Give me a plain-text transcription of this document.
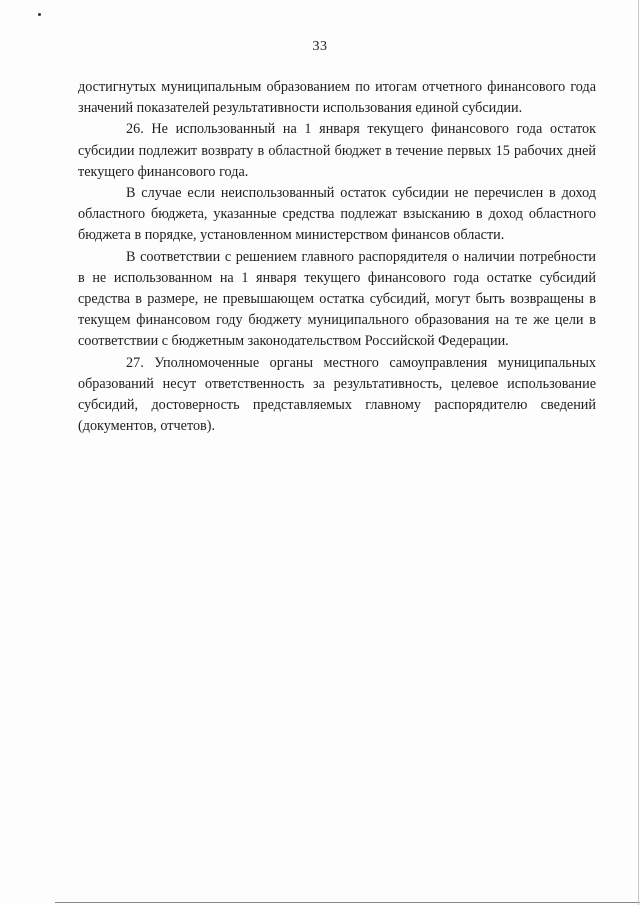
33

достигнутых муниципальным образованием по итогам отчетного финансового года значений показателей результативности использования единой субсидии.

26. Не использованный на 1 января текущего финансового года остаток субсидии подлежит возврату в областной бюджет в течение первых 15 рабочих дней текущего финансового года.

В случае если неиспользованный остаток субсидии не перечислен в доход областного бюджета, указанные средства подлежат взысканию в доход областного бюджета в порядке, установленном министерством финансов области.

В соответствии с решением главного распорядителя о наличии потребности в не использованном на 1 января текущего финансового года остатке субсидий средства в размере, не превышающем остатка субсидий, могут быть возвращены в текущем финансовом году бюджету муниципального образования на те же цели в соответствии с бюджетным законодательством Российской Федерации.

27. Уполномоченные органы местного самоуправления муниципальных образований несут ответственность за результативность, целевое использование субсидий, достоверность представляемых главному распорядителю сведений (документов, отчетов).
